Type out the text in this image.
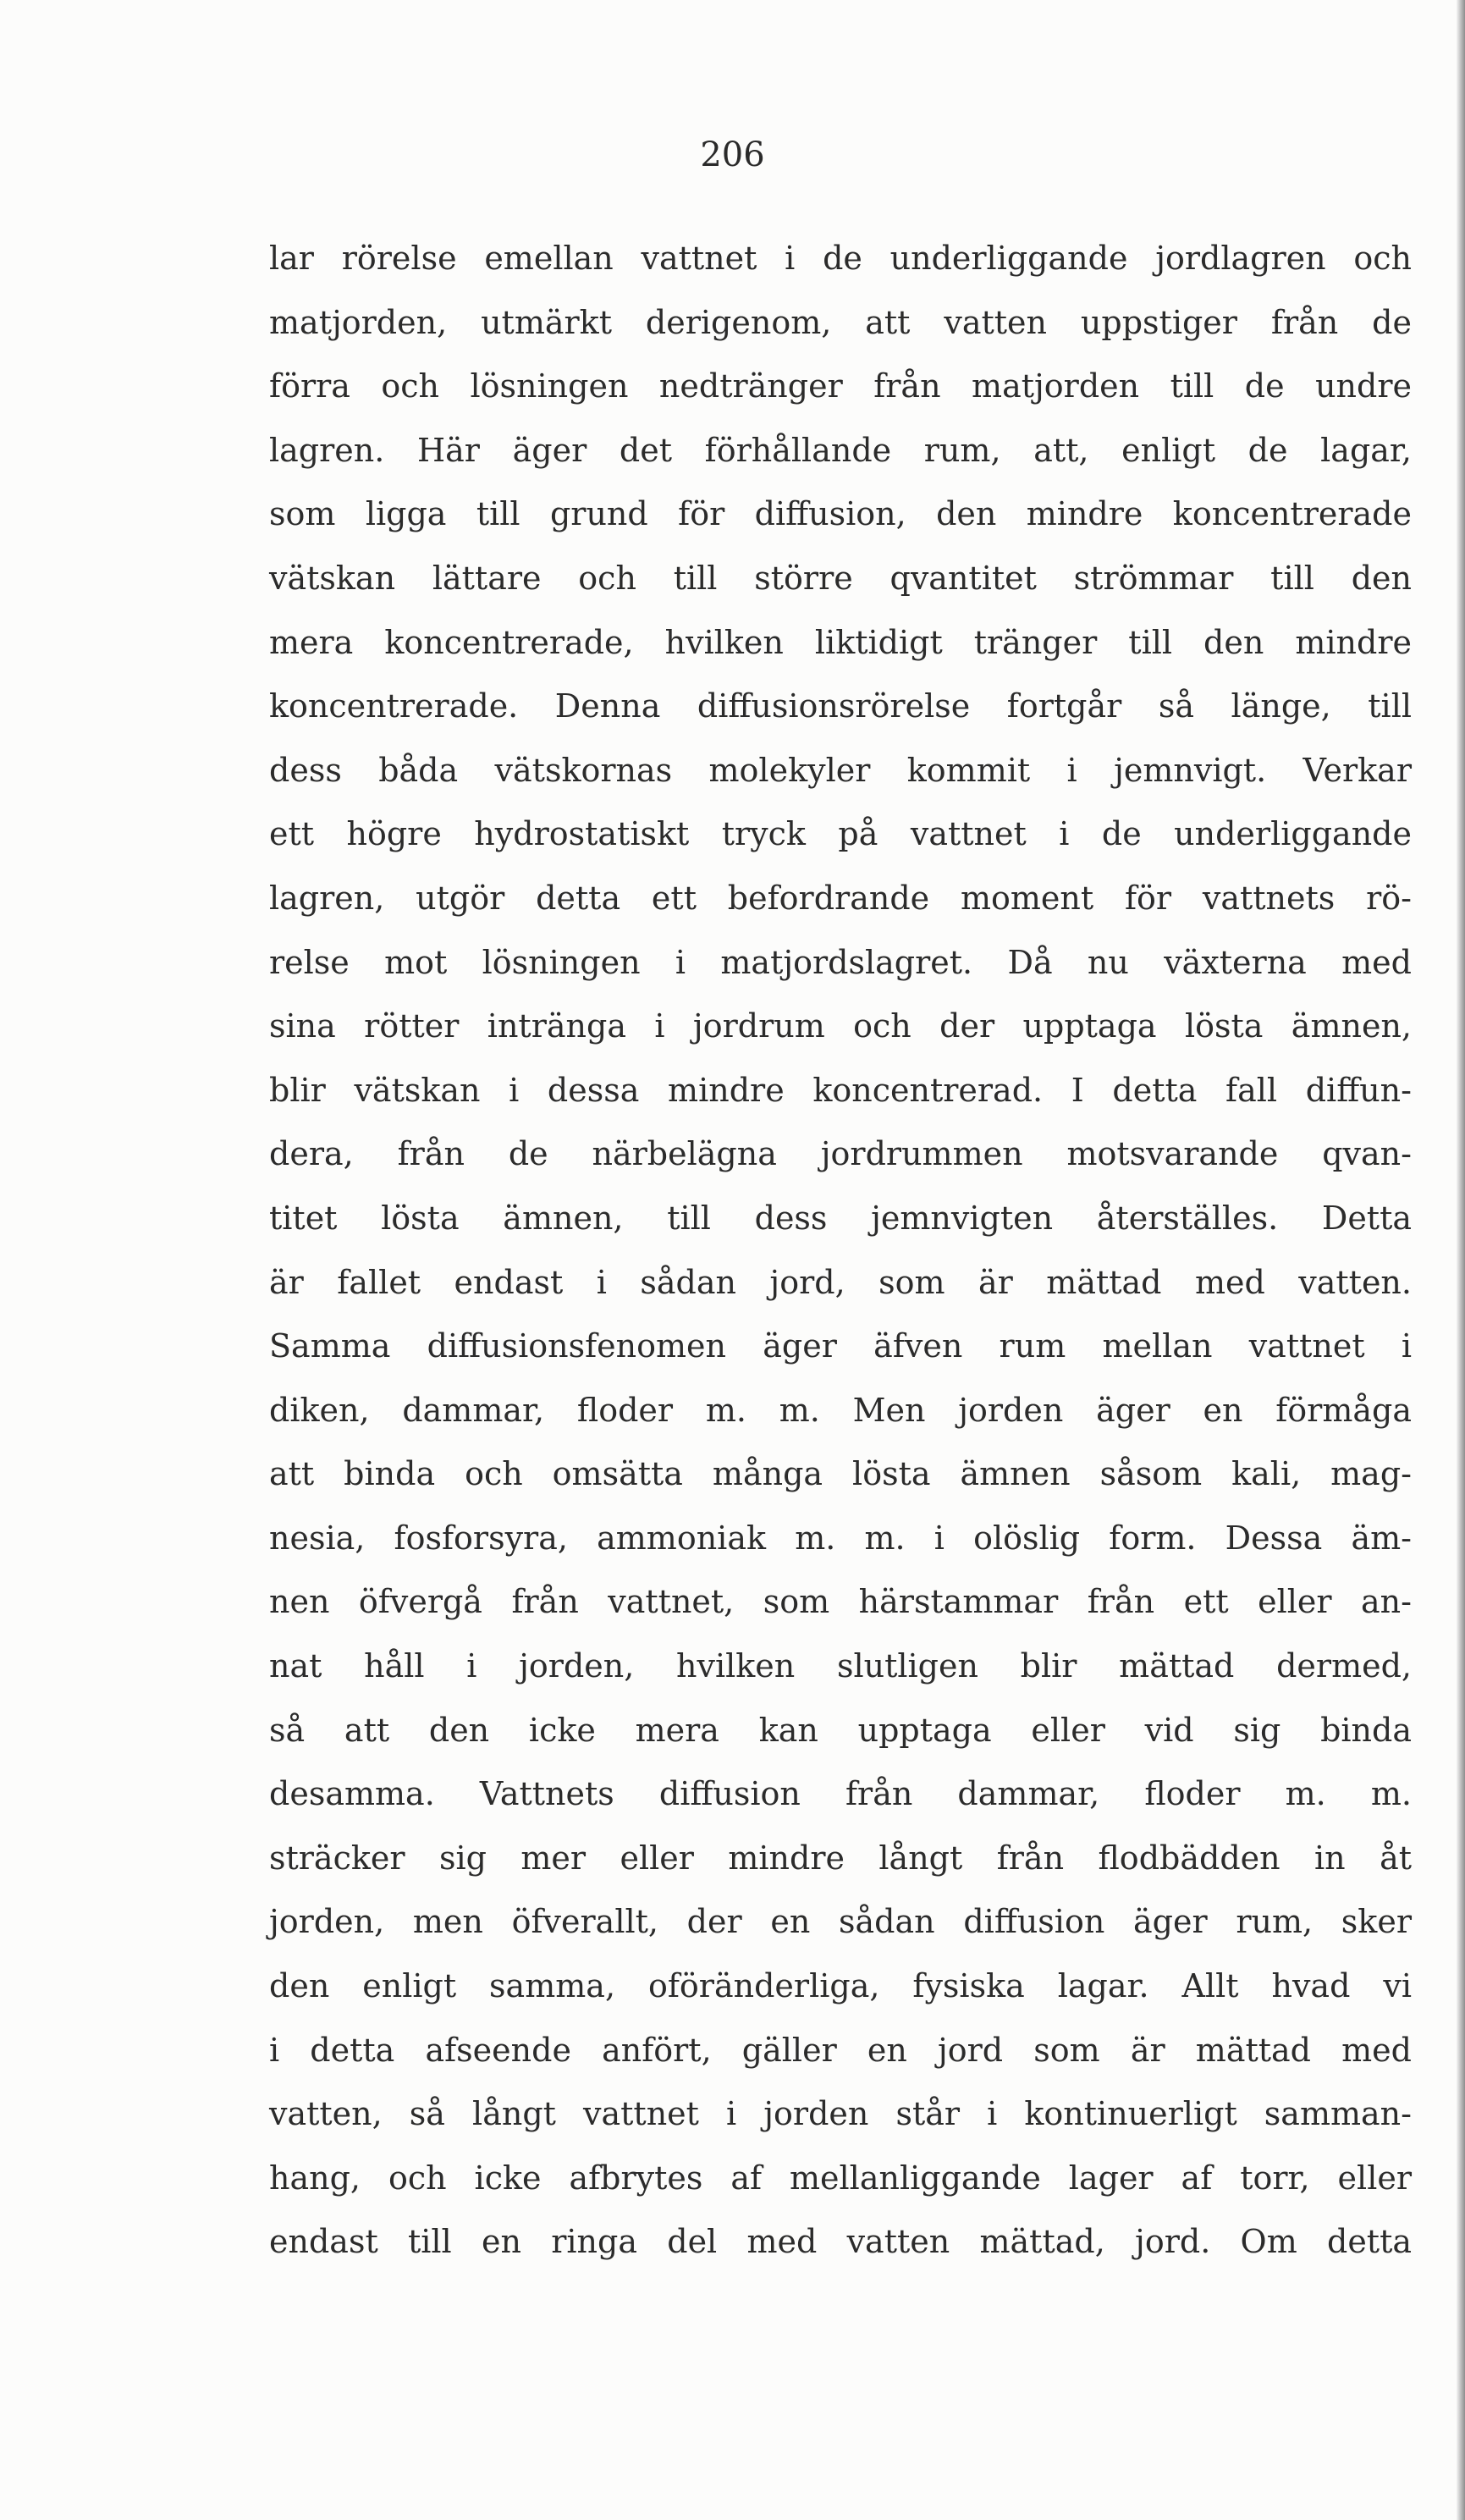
206
lar rörelse emellan vattnet i de underliggande jordlagren och
matjorden, utmärkt derigenom, att vatten uppstiger från de
förra och lösningen nedtränger från matjorden till de undre
lagren. Här äger det förhållande rum, att, enligt de lagar,
som ligga till grund för diffusion, den mindre koncentrerade
vätskan lättare och till större qvantitet strömmar till den
mera koncentrerade, hvilken liktidigt tränger till den mindre
koncentrerade. Denna diffusionsrörelse fortgår så länge, till
dess båda vätskornas molekyler kommit i jemnvigt. Verkar
ett högre hydrostatiskt tryck på vattnet i de underliggande
lagren, utgör detta ett befordrande moment för vattnets rö-
relse mot lösningen i matjordslagret. Då nu växterna med
sina rötter intränga i jordrum och der upptaga lösta ämnen,
blir vätskan i dessa mindre koncentrerad. I detta fall diffun-
dera, från de närbelägna jordrummen motsvarande qvan-
titet lösta ämnen, till dess jemnvigten återställes. Detta
är fallet endast i sådan jord, som är mättad med vatten.
Samma diffusionsfenomen äger äfven rum mellan vattnet i
diken, dammar, floder m. m. Men jorden äger en förmåga
att binda och omsätta många lösta ämnen såsom kali, mag-
nesia, fosforsyra, ammoniak m. m. i olöslig form. Dessa äm-
nen öfvergå från vattnet, som härstammar från ett eller an-
nat håll i jorden, hvilken slutligen blir mättad dermed,
så att den icke mera kan upptaga eller vid sig binda
desamma. Vattnets diffusion från dammar, floder m. m.
sträcker sig mer eller mindre långt från flodbädden in åt
jorden, men öfverallt, der en sådan diffusion äger rum, sker
den enligt samma, oföränderliga, fysiska lagar. Allt hvad vi
i detta afseende anfört, gäller en jord som är mättad med
vatten, så långt vattnet i jorden står i kontinuerligt samman-
hang, och icke afbrytes af mellanliggande lager af torr, eller
endast till en ringa del med vatten mättad, jord. Om detta
